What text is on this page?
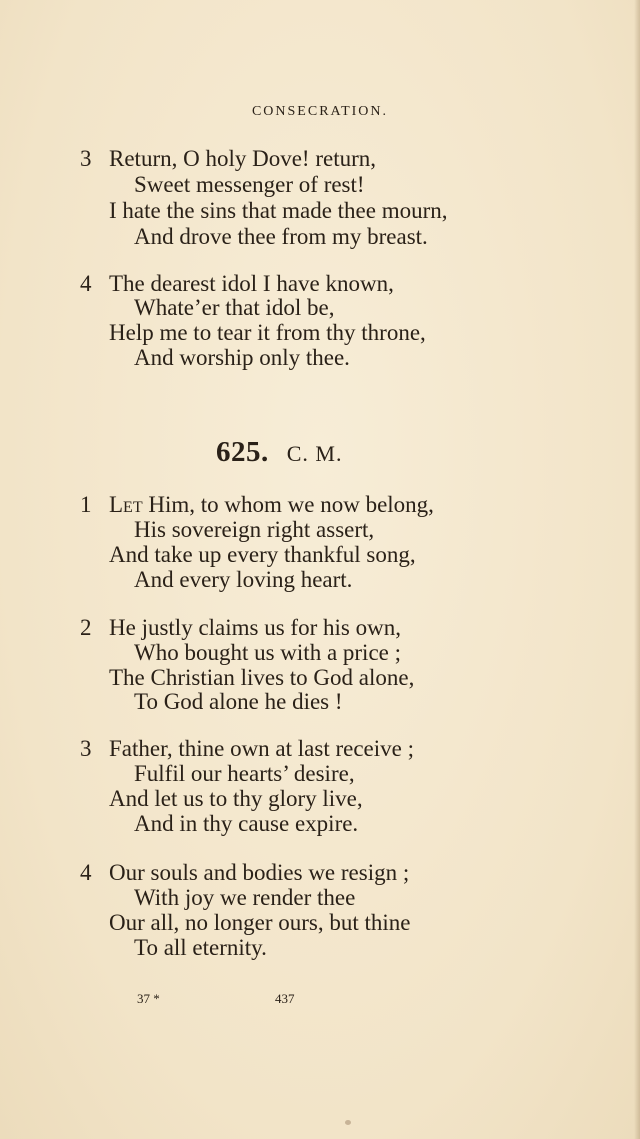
CONSECRATION.
3 Return, O holy Dove! return,
Sweet messenger of rest!
I hate the sins that made thee mourn,
And drove thee from my breast.
4 The dearest idol I have known,
Whate’er that idol be,
Help me to tear it from thy throne,
And worship only thee.
625. C. M.
1 Let Him, to whom we now belong,
His sovereign right assert,
And take up every thankful song,
And every loving heart.
2 He justly claims us for his own,
Who bought us with a price ;
The Christian lives to God alone,
To God alone he dies !
3 Father, thine own at last receive ;
Fulfil our hearts’ desire,
And let us to thy glory live,
And in thy cause expire.
4 Our souls and bodies we resign ;
With joy we render thee
Our all, no longer ours, but thine
To all eternity.
37 *	437
